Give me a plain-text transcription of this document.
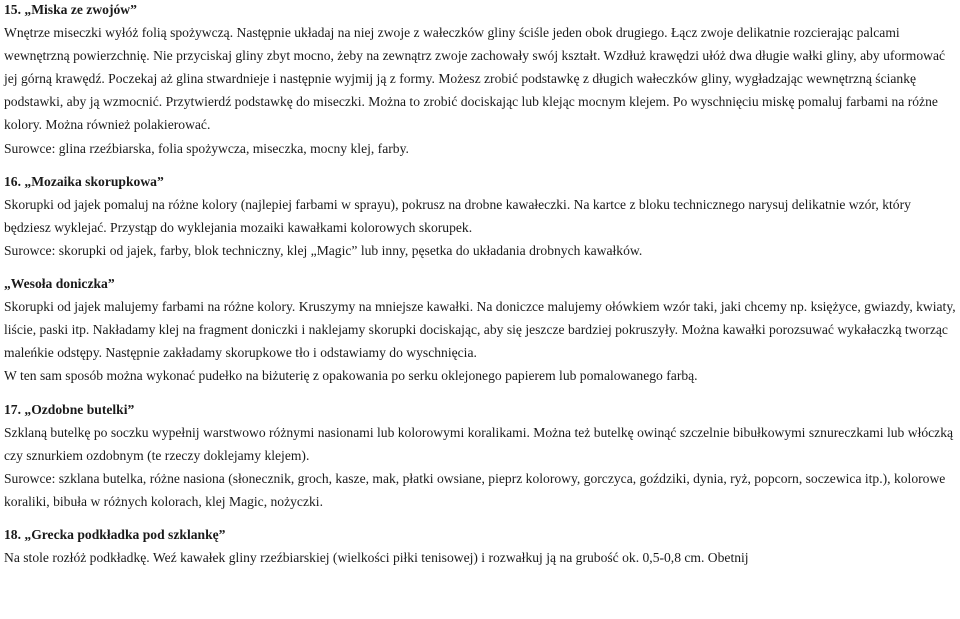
15. „Miska ze zwojów”

Wnętrze miseczki wyłóż folią spożywczą. Następnie układaj na niej zwoje z wałeczków gliny ściśle jeden obok drugiego. Łącz zwoje delikatnie rozcierając palcami wewnętrzną powierzchnię. Nie przyciskaj gliny zbyt mocno, żeby na zewnątrz zwoje zachowały swój kształt. Wzdłuż krawędzi ułóż dwa długie wałki gliny, aby uformować jej górną krawędź. Poczekaj aż glina stwardnieje i następnie wyjmij ją z formy. Możesz zrobić podstawkę z długich wałeczków gliny, wygładzając wewnętrzną ściankę podstawki, aby ją wzmocnić. Przytwierdź podstawkę do miseczki. Można to zrobić dociskając lub klejąc mocnym klejem. Po wyschnięciu miskę pomaluj farbami na różne kolory. Można również polakierować.

Surowce: glina rzeźbiarska, folia spożywcza, miseczka, mocny klej, farby.

16. „Mozaika skorupkowa”

Skorupki od jajek pomaluj na różne kolory (najlepiej farbami w sprayu), pokrusz na drobne kawałeczki. Na kartce z bloku technicznego narysuj delikatnie wzór, który będziesz wyklejać. Przystąp do wyklejania mozaiki kawałkami kolorowych skorupek.

Surowce: skorupki od jajek, farby, blok techniczny, klej „Magic” lub inny, pęsetka do układania drobnych kawałków.

„Wesoła doniczka”

Skorupki od jajek malujemy farbami na różne kolory. Kruszymy na mniejsze kawałki. Na doniczce malujemy ołówkiem wzór taki, jaki chcemy np. księżyce, gwiazdy, kwiaty, liście, paski itp. Nakładamy klej na fragment doniczki i naklejamy skorupki dociskając, aby się jeszcze bardziej pokruszyły. Można kawałki porozsuwać wykałaczką tworząc maleńkie odstępy. Następnie zakładamy skorupkowe tło i odstawiamy do wyschnięcia.

W ten sam sposób można wykonać pudełko na biżuterię z opakowania po serku oklejonego papierem lub pomalowanego farbą.

17. „Ozdobne butelki”

Szklaną butelkę po soczku wypełnij warstwowo różnymi nasionami lub kolorowymi koralikami. Można też butelkę owinąć szczelnie bibułkowymi sznureczkami lub włóczką czy sznurkiem ozdobnym (te rzeczy doklejamy klejem).

Surowce: szklana butelka, różne nasiona (słonecznik, groch, kasze, mak, płatki owsiane, pieprz kolorowy, gorczyca, goździki, dynia, ryż, popcorn, soczewica itp.), kolorowe koraliki, bibuła w różnych kolorach, klej Magic, nożyczki.

18. „Grecka podkładka pod szklankę”

Na stole rozłóż podkładkę. Weź kawałek gliny rzeźbiarskiej (wielkości piłki tenisowej) i rozwałkuj ją na grubość ok. 0,5-0,8 cm. Obetnij
